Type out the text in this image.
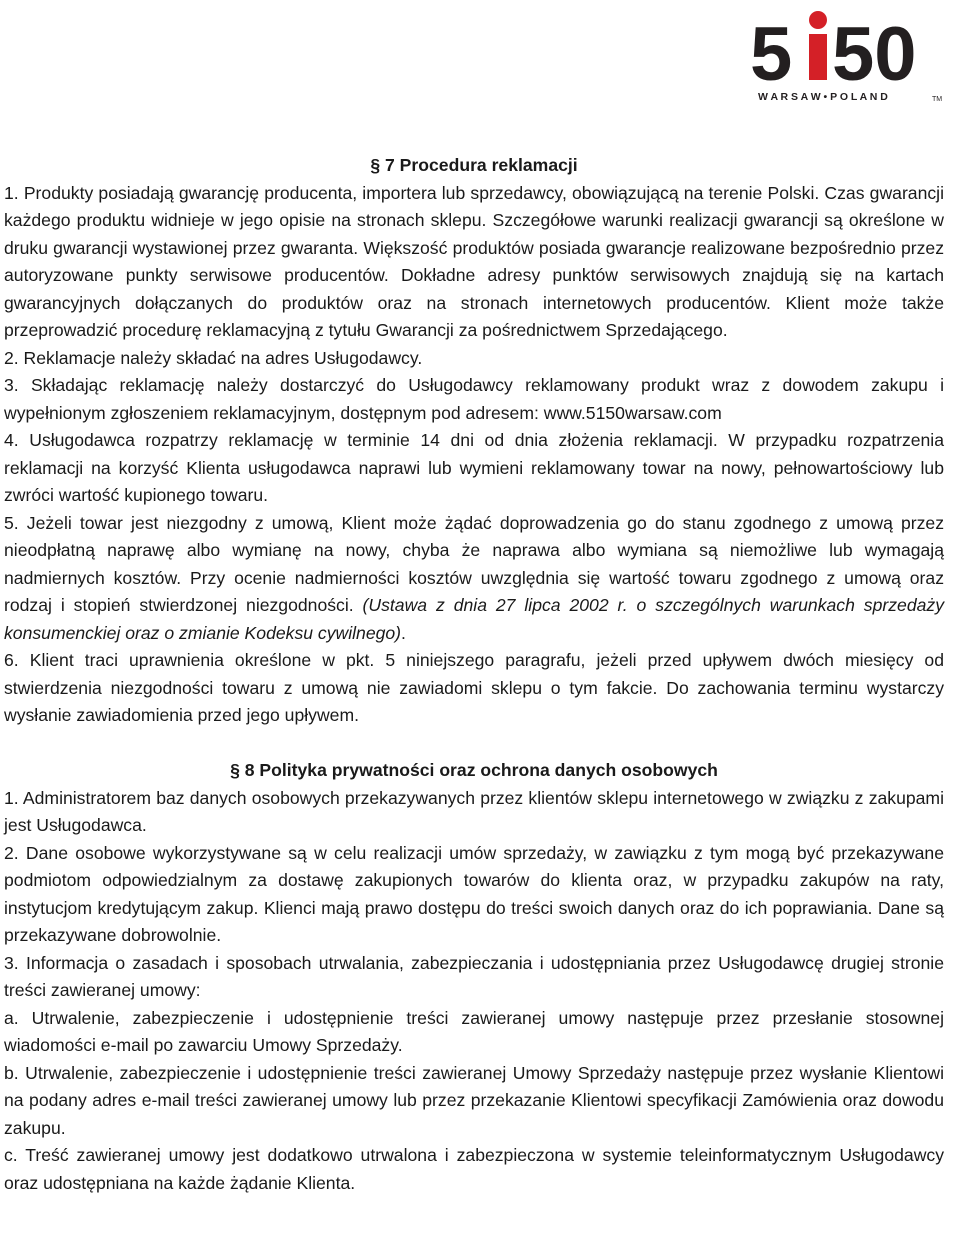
5 50
W A R S A W • P O L A N D	TM
§ 7 Procedura reklamacji
1. Produkty posiadają gwarancję producenta, importera lub sprzedawcy, obowiązującą na terenie Polski. Czas gwarancji każdego produktu widnieje w jego opisie na stronach sklepu. Szczegółowe warunki realizacji gwarancji są określone w druku gwarancji wystawionej przez gwaranta. Większość produktów posiada gwarancje realizowane bezpośrednio przez autoryzowane punkty serwisowe producentów. Dokładne adresy punktów serwisowych znajdują się na kartach gwarancyjnych dołączanych do produktów oraz na stronach internetowych producentów. Klient może także przeprowadzić procedurę reklamacyjną z tytułu Gwarancji za pośrednictwem Sprzedającego.
2. Reklamacje należy składać na adres Usługodawcy.
3. Składając reklamację należy dostarczyć do Usługodawcy reklamowany produkt wraz z dowodem zakupu i wypełnionym zgłoszeniem reklamacyjnym, dostępnym pod adresem: www.5150warsaw.com
4. Usługodawca rozpatrzy reklamację w terminie 14 dni od dnia złożenia reklamacji. W przypadku rozpatrzenia reklamacji na korzyść Klienta usługodawca naprawi lub wymieni reklamowany towar na nowy, pełnowartościowy lub zwróci wartość kupionego towaru.
5. Jeżeli towar jest niezgodny z umową, Klient może żądać doprowadzenia go do stanu zgodnego z umową przez nieodpłatną naprawę albo wymianę na nowy, chyba że naprawa albo wymiana są niemożliwe lub wymagają nadmiernych kosztów. Przy ocenie nadmierności kosztów uwzględnia się wartość towaru zgodnego z umową oraz rodzaj i stopień stwierdzonej niezgodności. (Ustawa z dnia 27 lipca 2002 r. o szczególnych warunkach sprzedaży konsumenckiej oraz o zmianie Kodeksu cywilnego).
6. Klient traci uprawnienia określone w pkt. 5 niniejszego paragrafu, jeżeli przed upływem dwóch miesięcy od stwierdzenia niezgodności towaru z umową nie zawiadomi sklepu o tym fakcie. Do zachowania terminu wystarczy wysłanie zawiadomienia przed jego upływem.
§ 8 Polityka prywatności oraz ochrona danych osobowych
1. Administratorem baz danych osobowych przekazywanych przez klientów sklepu internetowego w związku z zakupami jest Usługodawca.
2. Dane osobowe wykorzystywane są w celu realizacji umów sprzedaży, w zawiązku z tym mogą być przekazywane podmiotom odpowiedzialnym za dostawę zakupionych towarów do klienta oraz, w przypadku zakupów na raty, instytucjom kredytującym zakup. Klienci mają prawo dostępu do treści swoich danych oraz do ich poprawiania. Dane są przekazywane dobrowolnie.
3. Informacja o zasadach i sposobach utrwalania, zabezpieczania i udostępniania przez Usługodawcę drugiej stronie treści zawieranej umowy:
a. Utrwalenie, zabezpieczenie i udostępnienie treści zawieranej umowy następuje przez przesłanie stosownej wiadomości e-mail po zawarciu Umowy Sprzedaży.
b. Utrwalenie, zabezpieczenie i udostępnienie treści zawieranej Umowy Sprzedaży następuje przez wysłanie Klientowi na podany adres e-mail treści zawieranej umowy lub przez przekazanie Klientowi specyfikacji Zamówienia oraz dowodu zakupu.
c. Treść zawieranej umowy jest dodatkowo utrwalona i zabezpieczona w systemie teleinformatycznym Usługodawcy oraz udostępniana na każde żądanie Klienta.
